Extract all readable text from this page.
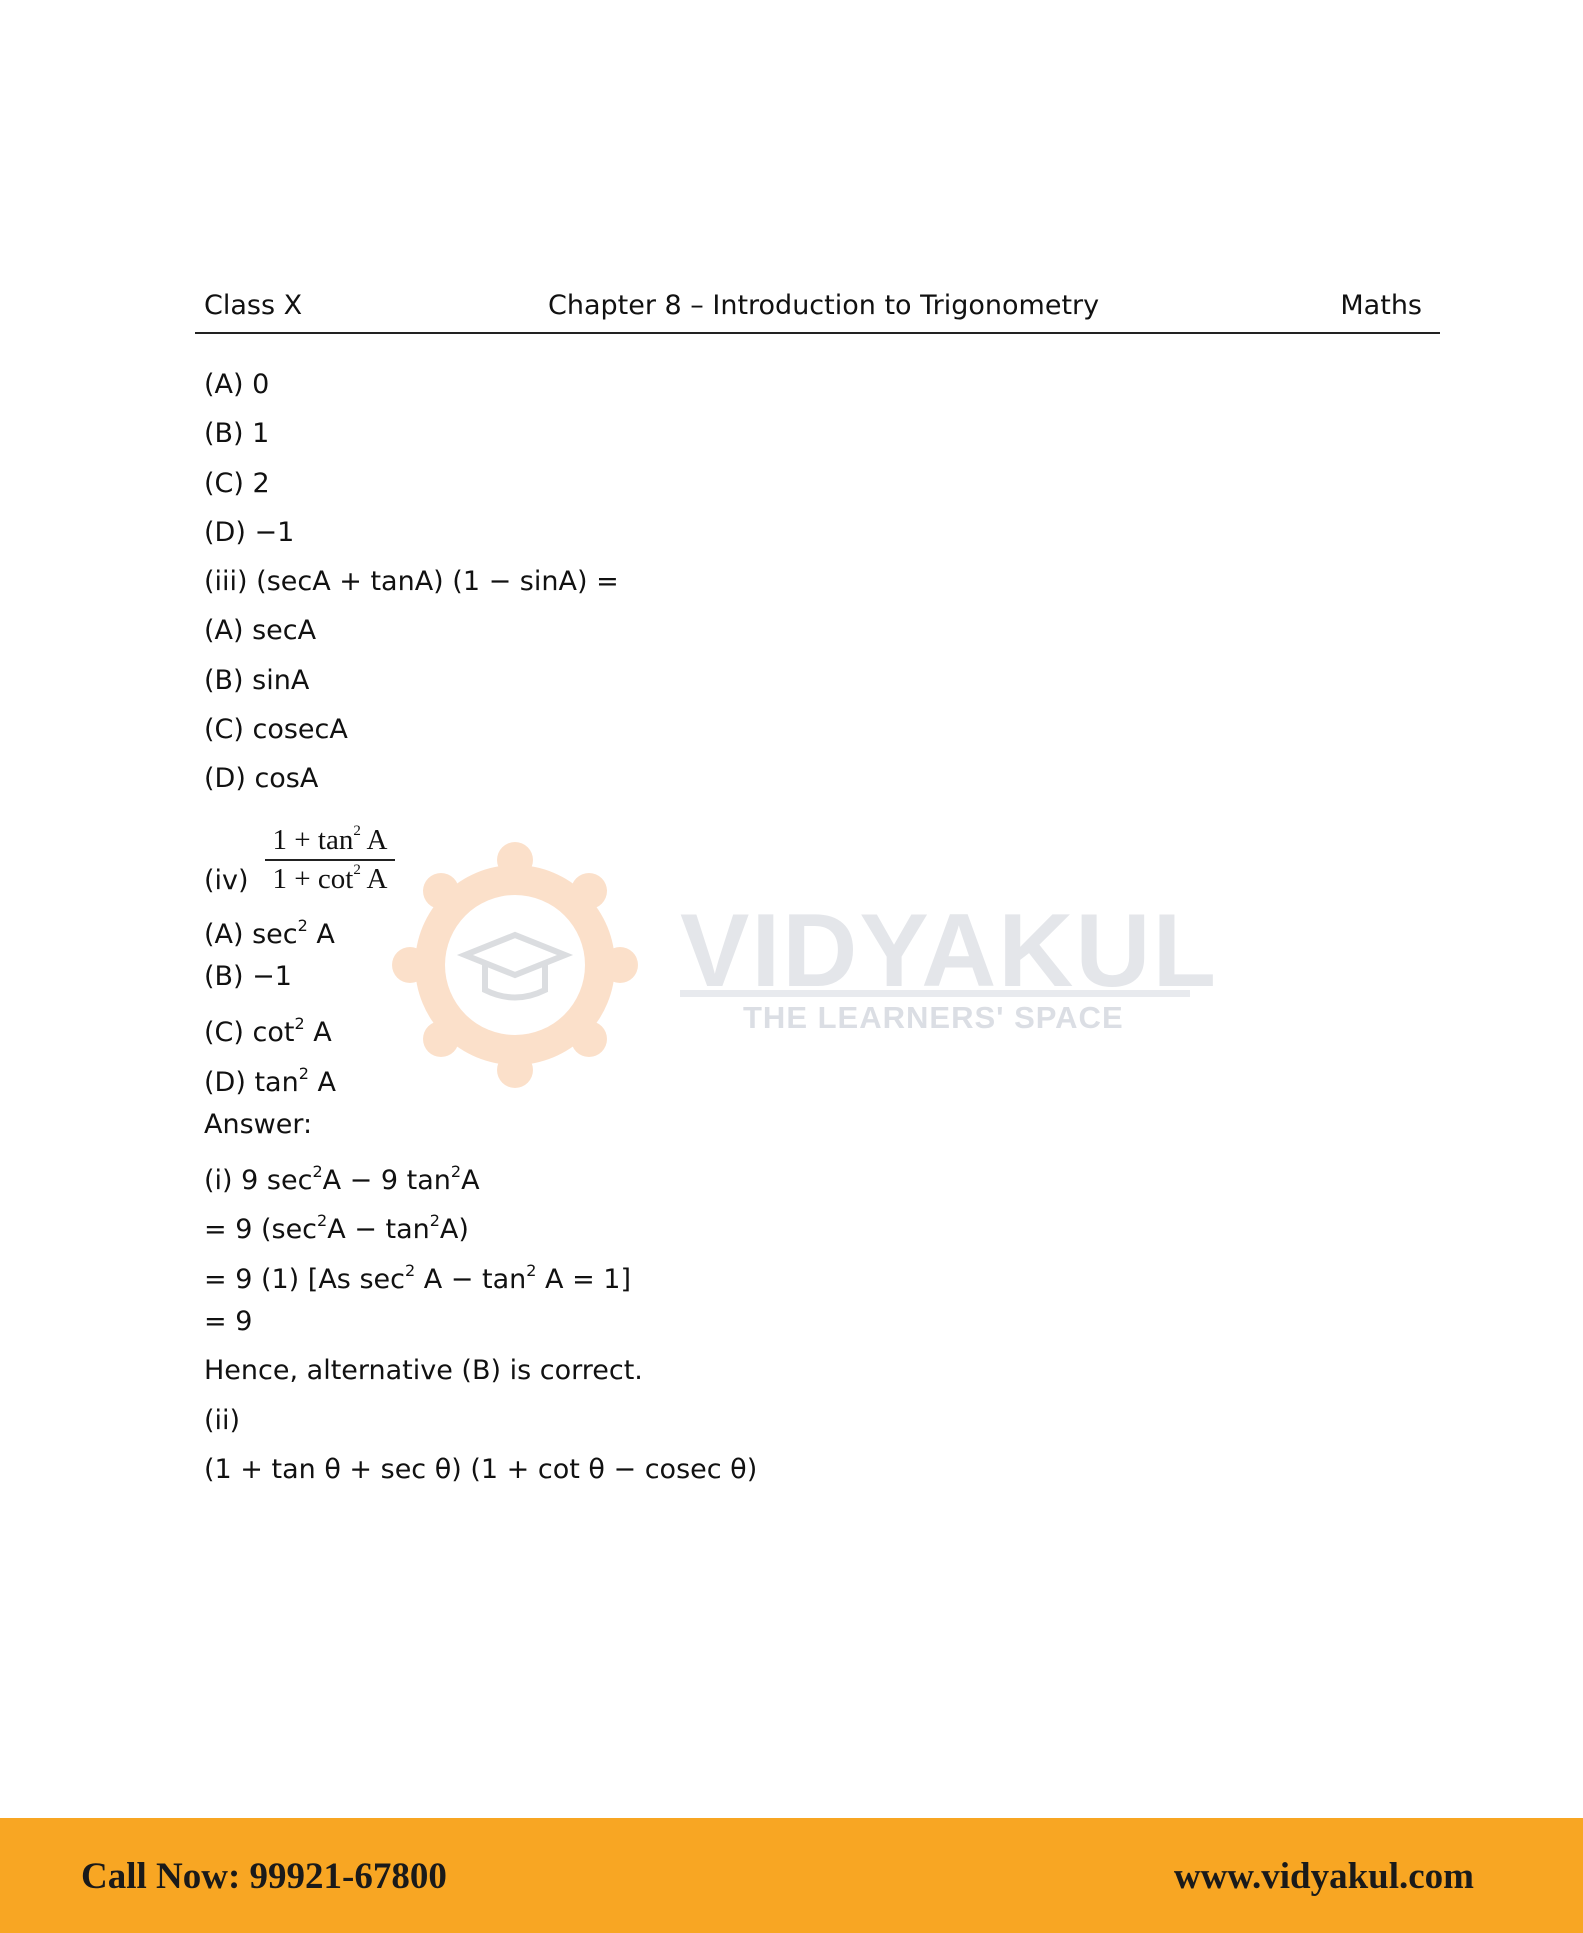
Class X	Chapter 8 – Introduction to Trigonometry	Maths
VIDYAKUL
THE LEARNERS' SPACE
(A) 0
(B) 1
(C) 2
(D) −1
(iii) (secA + tanA) (1 − sinA) =
(A) secA
(B) sinA
(C) cosecA
(D) cosA
(iv)
$1 + \tan^2 A$
$1 + \cot^2 A$
(A) $\sec^2 A$
(B) −1
(C) $\cot^2 A$
(D) $\tan^2 A$
Answer:
(i) 9 $\sec^2A - 9$ $\tan^2A$
= 9 $(\sec^2A - \tan^2A)$
= 9 (1) [As $\sec^2 A - \tan^2 A = 1$]
= 9
Hence, alternative (B) is correct.
(ii)
(1 + tan θ + sec θ) (1 + cot θ − cosec θ)
Call Now: 99921-67800	www.vidyakul.com
